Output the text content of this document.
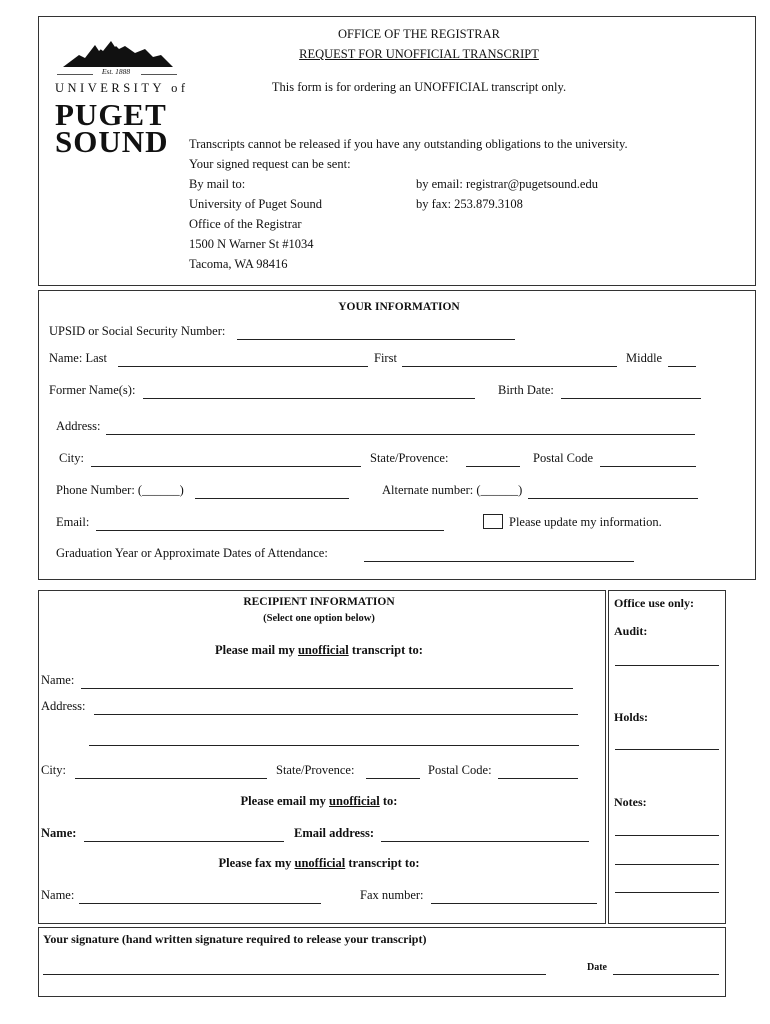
Est. 1888
UNIVERSITY of
PUGET
SOUND
OFFICE OF THE REGISTRAR
REQUEST FOR UNOFFICIAL TRANSCRIPT
This form is for ordering an UNOFFICIAL transcript only.
Transcripts cannot be released if you have any outstanding obligations to the university.
Your signed request can be sent:
By mail to:
University of Puget Sound
Office of the Registrar
1500 N Warner St #1034
Tacoma, WA 98416
by email: registrar@pugetsound.edu
by fax: 253.879.3108
YOUR INFORMATION
UPSID or Social Security Number:
Name: Last	First	Middle
Former Name(s):	Birth Date:
Address:
City:	State/Provence:	Postal Code
Phone Number: (______)	Alternate number: (______)
Email:	Please update my information.
Graduation Year or Approximate Dates of Attendance:
RECIPIENT INFORMATION
(Select one option below)
Please mail my unofficial transcript to:
Name:
Address:
City:	State/Provence:	Postal Code:
Please email my unofficial to:
Name:	Email address:
Please fax my unofficial transcript to:
Name:	Fax number:
Office use only:
Audit:
Holds:
Notes:
Your signature (hand written signature required to release your transcript)
Date
